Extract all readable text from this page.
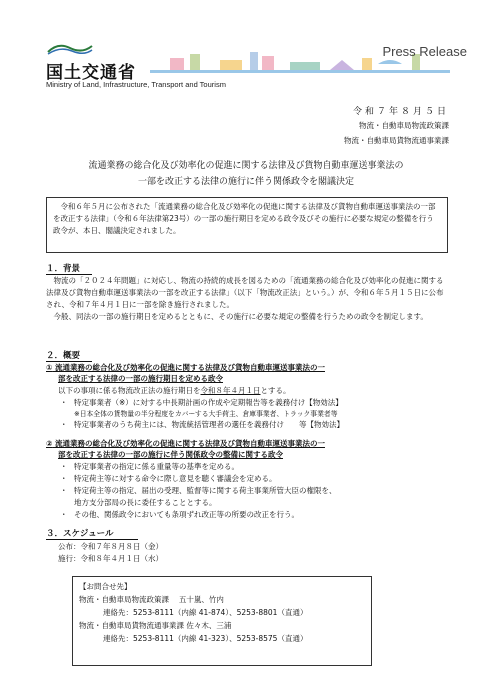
Press Release
国土交通省
Ministry of Land, Infrastructure, Transport and Tourism
令和７年８月５日
物流・自動車局物流政策課
物流・自動車局貨物流通事業課
流通業務の総合化及び効率化の促進に関する法律及び貨物自動車運送事業法の
一部を改正する法律の施行に伴う関係政令を閣議決定

令和６年５月に公布された「流通業務の総合化及び効率化の促進に関する法律及び貨物自動車運送事業法の一部を改正する法律」（令和６年法律第23号）の一部の施行期日を定める政令及びその施行に必要な規定の整備を行う政令が、本日、閣議決定されました。

１．背景

物流の「２０２４年問題」に対応し、物流の持続的成長を図るための「流通業務の総合化及び効率化の促進に関する法律及び貨物自動車運送事業法の一部を改正する法律」（以下「物流改正法」という。）が、令和６年５月１５日に公布され、令和７年４月１日に一部を除き施行されました。

今般、同法の一部の施行期日を定めるとともに、その施行に必要な規定の整備を行うための政令を制定します。

２．概要
① 流通業務の総合化及び効率化の促進に関する法律及び貨物自動車運送事業法の一
部を改正する法律の一部の施行期日を定める政令
以下の事項に係る物流改正法の施行期日を令和８年４月１日とする。
・ 特定事業者（※）に対する中長期計画の作成や定期報告等を義務付け【物効法】
※日本全体の貨物量の半分程度をカバーする大手荷主、倉庫事業者、トラック事業者等
・ 特定事業者のうち荷主には、物流統括管理者の選任を義務付け　　等【物効法】
② 流通業務の総合化及び効率化の促進に関する法律及び貨物自動車運送事業法の一
部を改正する法律の一部の施行に伴う関係政令の整備に関する政令
・ 特定事業者の指定に係る重量等の基準を定める。
・ 特定荷主等に対する命令に際し意見を聴く審議会を定める。
・ 特定荷主等の指定、届出の受理、監督等に関する荷主事業所管大臣の権限を、
地方支分部局の長に委任することとする。
・ その他、関係政令においても条項ずれ改正等の所要の改正を行う。
３．スケジュール
公布：令和７年８月８日（金）
施行：令和８年４月１日（水）
【お問合せ先】
物流・自動車局物流政策課　 五十嵐、竹内
連絡先：5253-8111（内線 41-874）、5253-8801（直通）
物流・自動車局貨物流通事業課 佐々木、三浦
連絡先：5253-8111（内線 41-323）、5253-8575（直通）
